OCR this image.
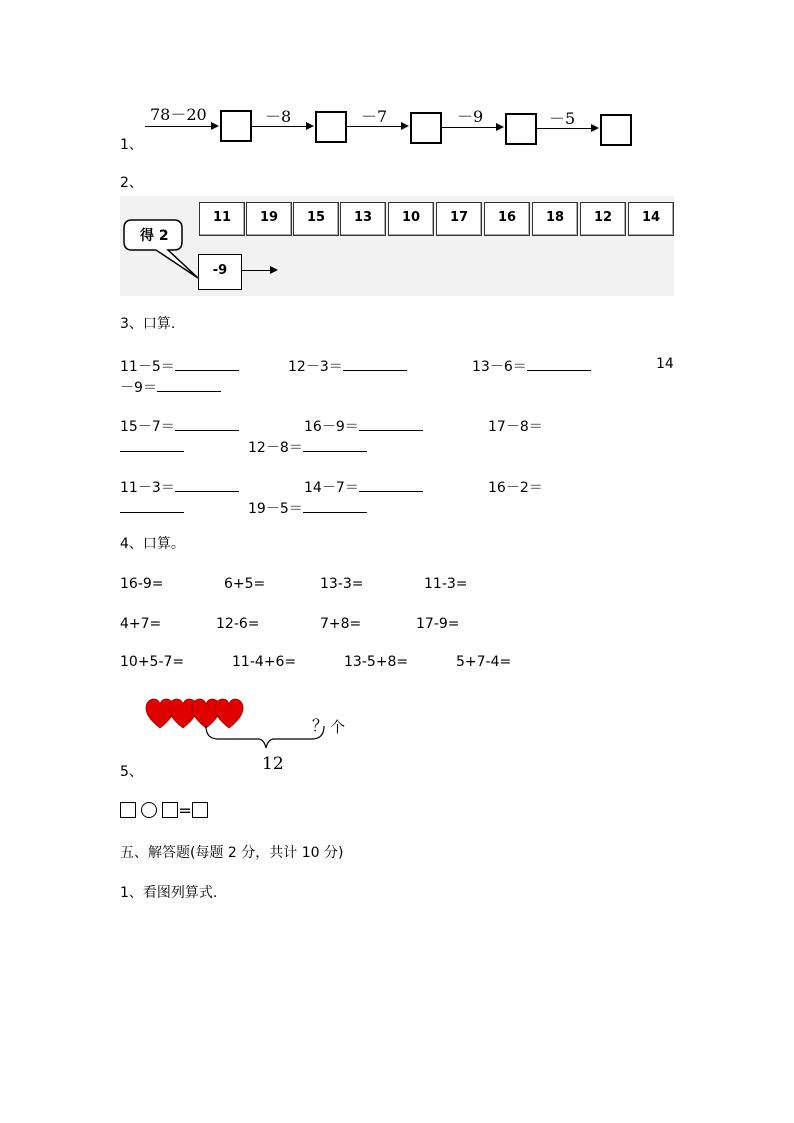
78－20	－8	－7	－9	－5
1、
2、
11	19	15	13	10	17	16	18	12	14
得 2
-9
3、口算.
11－5＝	12－3＝	13－6＝	14
－9＝
15－7＝	16－9＝	17－8＝
12－8＝
11－3＝	14－7＝	16－2＝
19－5＝
4、口算。
16-9=	6+5=	13-3=	11-3=
4+7=	12-6=	7+8=	17-9=
10+5-7=	11-4+6=	13-5+8=	5+7-4=
？ 个
12
5、
=
五、解答题(每题 2 分，共计 10 分)
1、看图列算式.
